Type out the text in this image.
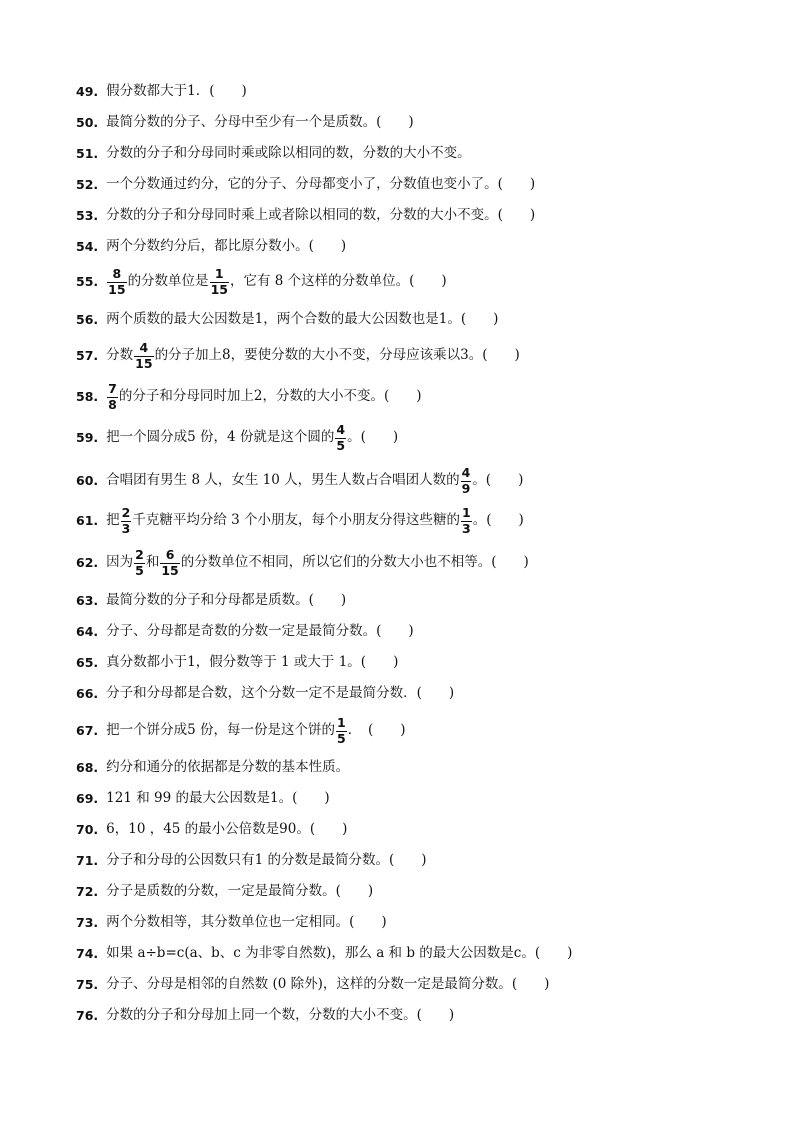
49. 假分数都大于1．(　　)
50. 最简分数的分子、分母中至少有一个是质数。(　　)
51. 分数的分子和分母同时乘或除以相同的数，分数的大小不变。
52. 一个分数通过约分，它的分子、分母都变小了，分数值也变小了。(　　)
53. 分数的分子和分母同时乘上或者除以相同的数，分数的大小不变。(　　)
54. 两个分数约分后，都比原分数小。(　　)
55. $\frac{8}{15}$ 的分数单位是 $\frac{1}{15}$ ，它有 8 个这样的分数单位。(　　)
56. 两个质数的最大公因数是1，两个合数的最大公因数也是1。(　　)
57. 分数 $\frac{4}{15}$ 的分子加上8，要使分数的大小不变，分母应该乘以3。(　　)
58. $\frac{7}{8}$ 的分子和分母同时加上2，分数的大小不变。(　　)
59. 把一个圆分成5 份，4 份就是这个圆的 $\frac{4}{5}$ 。(　　)
60. 合唱团有男生 8 人，女生 10 人，男生人数占合唱团人数的 $\frac{4}{9}$ 。(　　)
61. 把 $\frac{2}{3}$ 千克糖平均分给 3 个小朋友，每个小朋友分得这些糖的 $\frac{1}{3}$ 。(　　)
62. 因为 $\frac{2}{5}$ 和 $\frac{6}{15}$ 的分数单位不相同，所以它们的分数大小也不相等。(　　)
63. 最简分数的分子和分母都是质数。(　　)
64. 分子、分母都是奇数的分数一定是最简分数。(　　)
65. 真分数都小于1，假分数等于 1 或大于 1。(　　)
66. 分子和分母都是合数，这个分数一定不是最简分数．(　　)
67. 把一个饼分成5 份，每一份是这个饼的 $\frac{1}{5}$ ．　(　　)
68. 约分和通分的依据都是分数的基本性质。
69. 121 和 99 的最大公因数是1。(　　)
70. 6，10 ，45 的最小公倍数是90。(　　)
71. 分子和分母的公因数只有1 的分数是最简分数。(　　)
72. 分子是质数的分数，一定是最简分数。(　　)
73. 两个分数相等，其分数单位也一定相同。(　　)
74. 如果 a÷b=c(a、b、c 为非零自然数)，那么 a 和 b 的最大公因数是c。(　　)
75. 分子、分母是相邻的自然数 (0 除外)，这样的分数一定是最简分数。(　　)
76. 分数的分子和分母加上同一个数，分数的大小不变。(　　)
